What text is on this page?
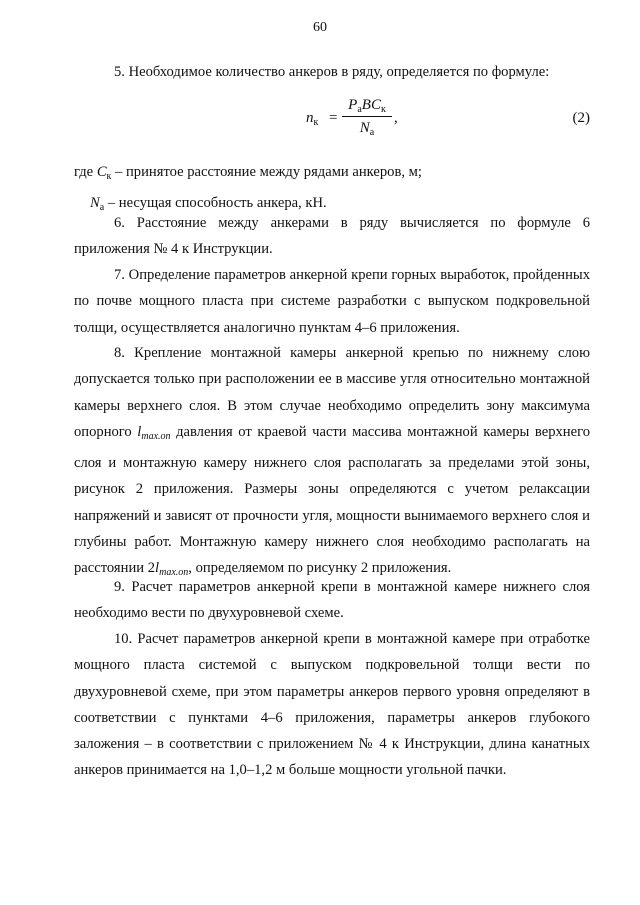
60

5. Необходимое количество анкеров в ряду, определяется по формуле:

$n_к$ =
$P_аBC_к$
$N_а$
,	(2)

где $C_к$ – принятое расстояние между рядами анкеров, м;

$N_а$ – несущая способность анкера, кН.

6. Расстояние между анкерами в ряду вычисляется по формуле 6 приложения № 4 к Инструкции.

7. Определение параметров анкерной крепи горных выработок, пройденных по почве мощного пласта при системе разработки с выпуском подкровельной толщи, осуществляется аналогично пунктам 4–6 приложения.

8. Крепление монтажной камеры анкерной крепью по нижнему слою допускается только при расположении ее в массиве угля относительно монтажной камеры верхнего слоя. В этом случае необходимо определить зону максимума опорного $l_{max.оп}$ давления от краевой части массива монтажной камеры верхнего слоя и монтажную камеру нижнего слоя располагать за пределами этой зоны, рисунок 2 приложения. Размеры зоны определяются с учетом релаксации напряжений и зависят от прочности угля, мощности вынимаемого верхнего слоя и глубины работ. Монтажную камеру нижнего слоя необходимо располагать на расстоянии $2l_{max.оп}$, определяемом по рисунку 2 приложения.

9. Расчет параметров анкерной крепи в монтажной камере нижнего слоя необходимо вести по двухуровневой схеме.

10. Расчет параметров анкерной крепи в монтажной камере при отработке мощного пласта системой с выпуском подкровельной толщи вести по двухуровневой схеме, при этом параметры анкеров первого уровня определяют в соответствии с пунктами 4–6 приложения, параметры анкеров глубокого заложения – в соответствии с приложением № 4 к Инструкции, длина канатных анкеров принимается на 1,0–1,2 м больше мощности угольной пачки.
